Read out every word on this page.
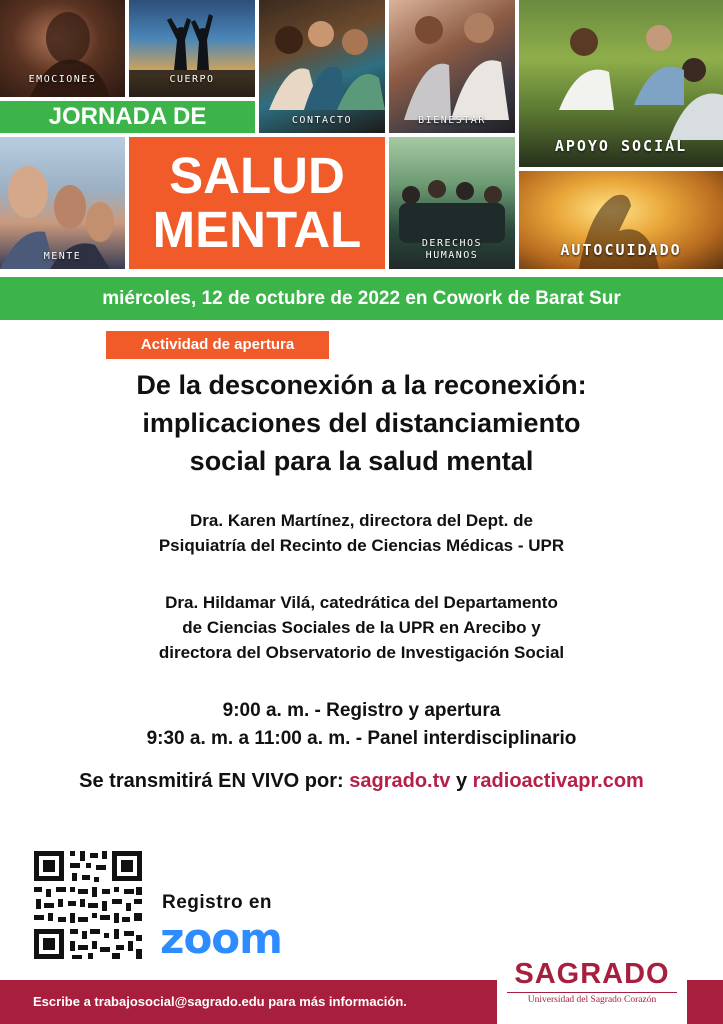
EMOCIONES	CUERPO
CONTACTO	BIENESTAR
APOYO SOCIAL
JORNADA DE
MENTE
SALUD
MENTAL	DERECHOS
HUMANOS	AUTOCUIDADO
miércoles, 12 de octubre de 2022 en Cowork de Barat Sur
Actividad de apertura
De la desconexión a la reconexión:
implicaciones del distanciamiento
social para la salud mental
Dra. Karen Martínez, directora del Dept. de
Psiquiatría del Recinto de Ciencias Médicas - UPR
Dra. Hildamar Vilá, catedrática del Departamento
de Ciencias Sociales de la UPR en Arecibo y
directora del Observatorio de Investigación Social
9:00 a. m. - Registro y apertura
9:30 a. m. a 11:00 a. m. - Panel interdisciplinario
Se transmitirá EN VIVO por: sagrado.tv y radioactivapr.com
Registro en
zoom
Escribe a trabajosocial@sagrado.edu para más información.
SAGRADO
Universidad del Sagrado Corazón
